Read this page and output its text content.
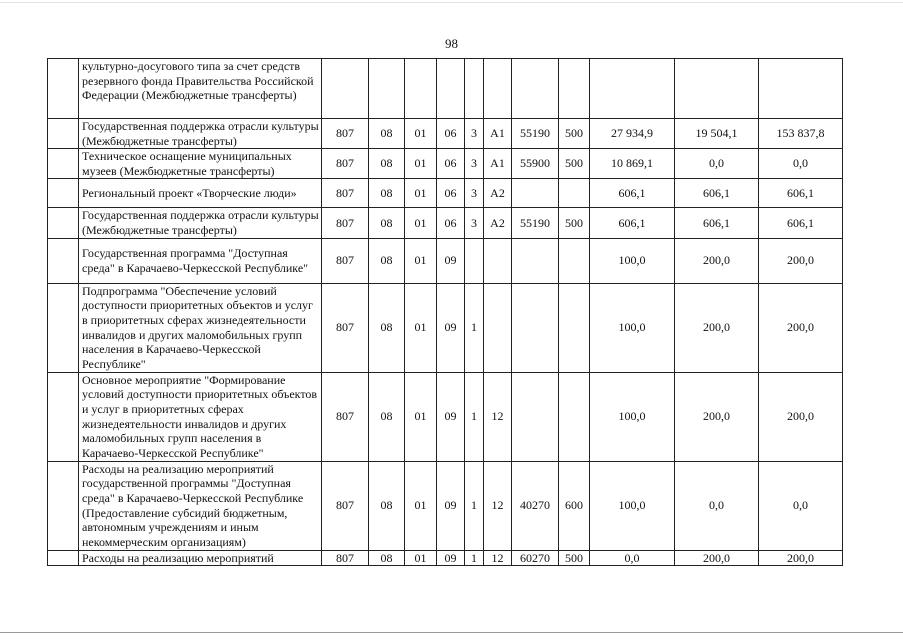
98
	культурно-досугового типа за счет средств резервного фонда Правительства Российской Федерации (Межбюджетные трансферты)											
	Государственная поддержка отрасли культуры (Межбюджетные трансферты)	807	08	01	06	3	A1	55190	500	27 934,9	19 504,1	153 837,8
	Техническое оснащение муниципальных музеев (Межбюджетные трансферты)	807	08	01	06	3	A1	55900	500	10 869,1	0,0	0,0
	Региональный проект «Творческие люди»	807	08	01	06	3	A2			606,1	606,1	606,1
	Государственная поддержка отрасли культуры (Межбюджетные трансферты)	807	08	01	06	3	A2	55190	500	606,1	606,1	606,1
	Государственная программа "Доступная среда" в Карачаево-Черкесской Республике"	807	08	01	09					100,0	200,0	200,0
	Подпрограмма "Обеспечение условий доступности приоритетных объектов и услуг в приоритетных сферах жизнедеятельности инвалидов и других маломобильных групп населения в Карачаево-Черкесской Республике"	807	08	01	09	1				100,0	200,0	200,0
	Основное мероприятие "Формирование условий доступности приоритетных объектов и услуг в приоритетных сферах жизнедеятельности инвалидов и других маломобильных групп населения в Карачаево-Черкесской Республике"	807	08	01	09	1	12			100,0	200,0	200,0
	Расходы на реализацию мероприятий государственной программы "Доступная среда" в Карачаево-Черкесской Республике (Предоставление субсидий бюджетным, автономным учреждениям и иным некоммерческим организациям)	807	08	01	09	1	12	40270	600	100,0	0,0	0,0
	Расходы на реализацию мероприятий	807	08	01	09	1	12	60270	500	0,0	200,0	200,0
